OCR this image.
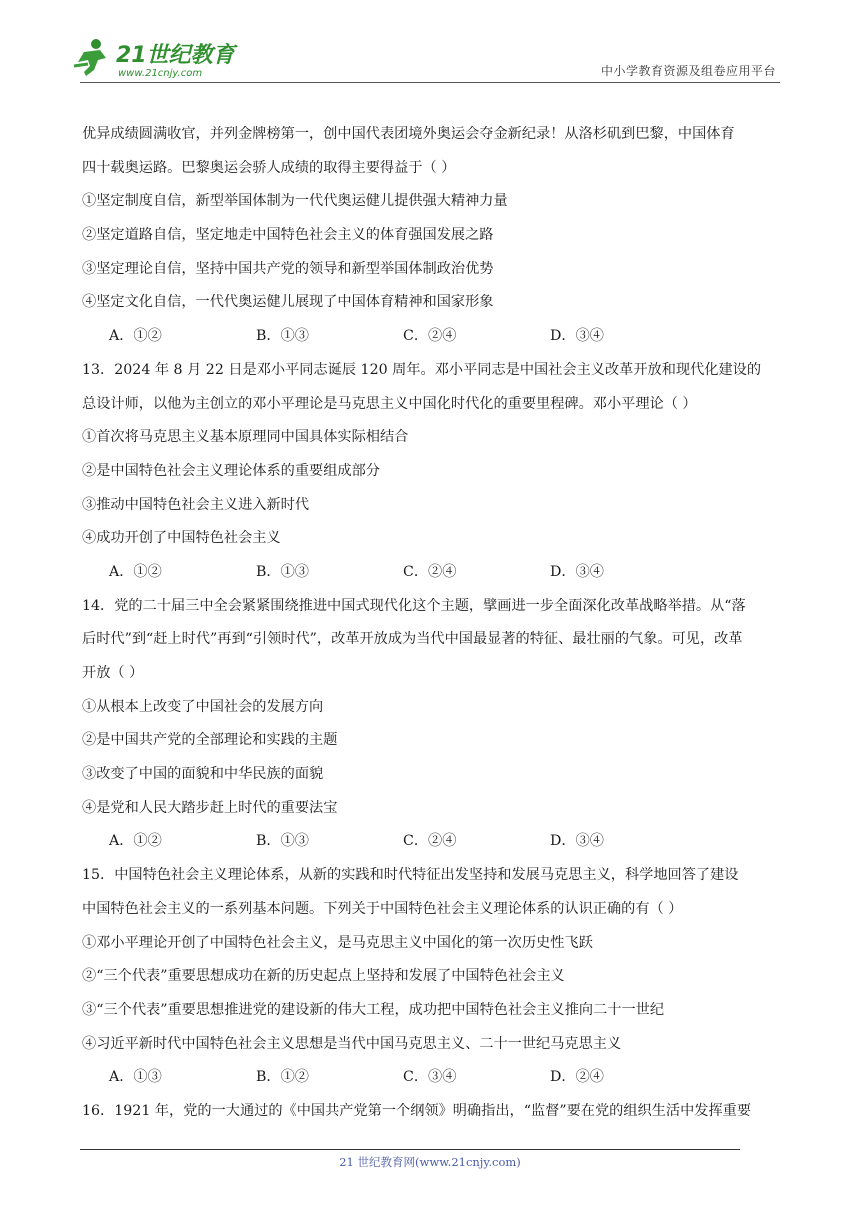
21世纪教育
www.21cnjy.com	中小学教育资源及组卷应用平台
优异成绩圆满收官，并列金牌榜第一，创中国代表团境外奥运会夺金新纪录！从洛杉矶到巴黎，中国体育
四十载奥运路。巴黎奥运会骄人成绩的取得主要得益于（ ）
①坚定制度自信，新型举国体制为一代代奥运健儿提供强大精神力量
②坚定道路自信，坚定地走中国特色社会主义的体育强国发展之路
③坚定理论自信，坚持中国共产党的领导和新型举国体制政治优势
④坚定文化自信，一代代奥运健儿展现了中国体育精神和国家形象
A．①②	B．①③	C．②④	D．③④
13．2024 年 8 月 22 日是邓小平同志诞辰 120 周年。邓小平同志是中国社会主义改革开放和现代化建设的
总设计师，以他为主创立的邓小平理论是马克思主义中国化时代化的重要里程碑。邓小平理论（ ）
①首次将马克思主义基本原理同中国具体实际相结合
②是中国特色社会主义理论体系的重要组成部分
③推动中国特色社会主义进入新时代
④成功开创了中国特色社会主义
A．①②	B．①③	C．②④	D．③④
14．党的二十届三中全会紧紧围绕推进中国式现代化这个主题，擘画进一步全面深化改革战略举措。从“落
后时代”到“赶上时代”再到“引领时代”，改革开放成为当代中国最显著的特征、最壮丽的气象。可见，改革
开放（ ）
①从根本上改变了中国社会的发展方向
②是中国共产党的全部理论和实践的主题
③改变了中国的面貌和中华民族的面貌
④是党和人民大踏步赶上时代的重要法宝
A．①②	B．①③	C．②④	D．③④
15．中国特色社会主义理论体系，从新的实践和时代特征出发坚持和发展马克思主义，科学地回答了建设
中国特色社会主义的一系列基本问题。下列关于中国特色社会主义理论体系的认识正确的有（ ）
①邓小平理论开创了中国特色社会主义，是马克思主义中国化的第一次历史性飞跃
②“三个代表”重要思想成功在新的历史起点上坚持和发展了中国特色社会主义
③“三个代表”重要思想推进党的建设新的伟大工程，成功把中国特色社会主义推向二十一世纪
④习近平新时代中国特色社会主义思想是当代中国马克思主义、二十一世纪马克思主义
A．①③	B．①②	C．③④	D．②④
16．1921 年，党的一大通过的《中国共产党第一个纲领》明确指出，“监督”要在党的组织生活中发挥重要
21 世纪教育网(www.21cnjy.com)
